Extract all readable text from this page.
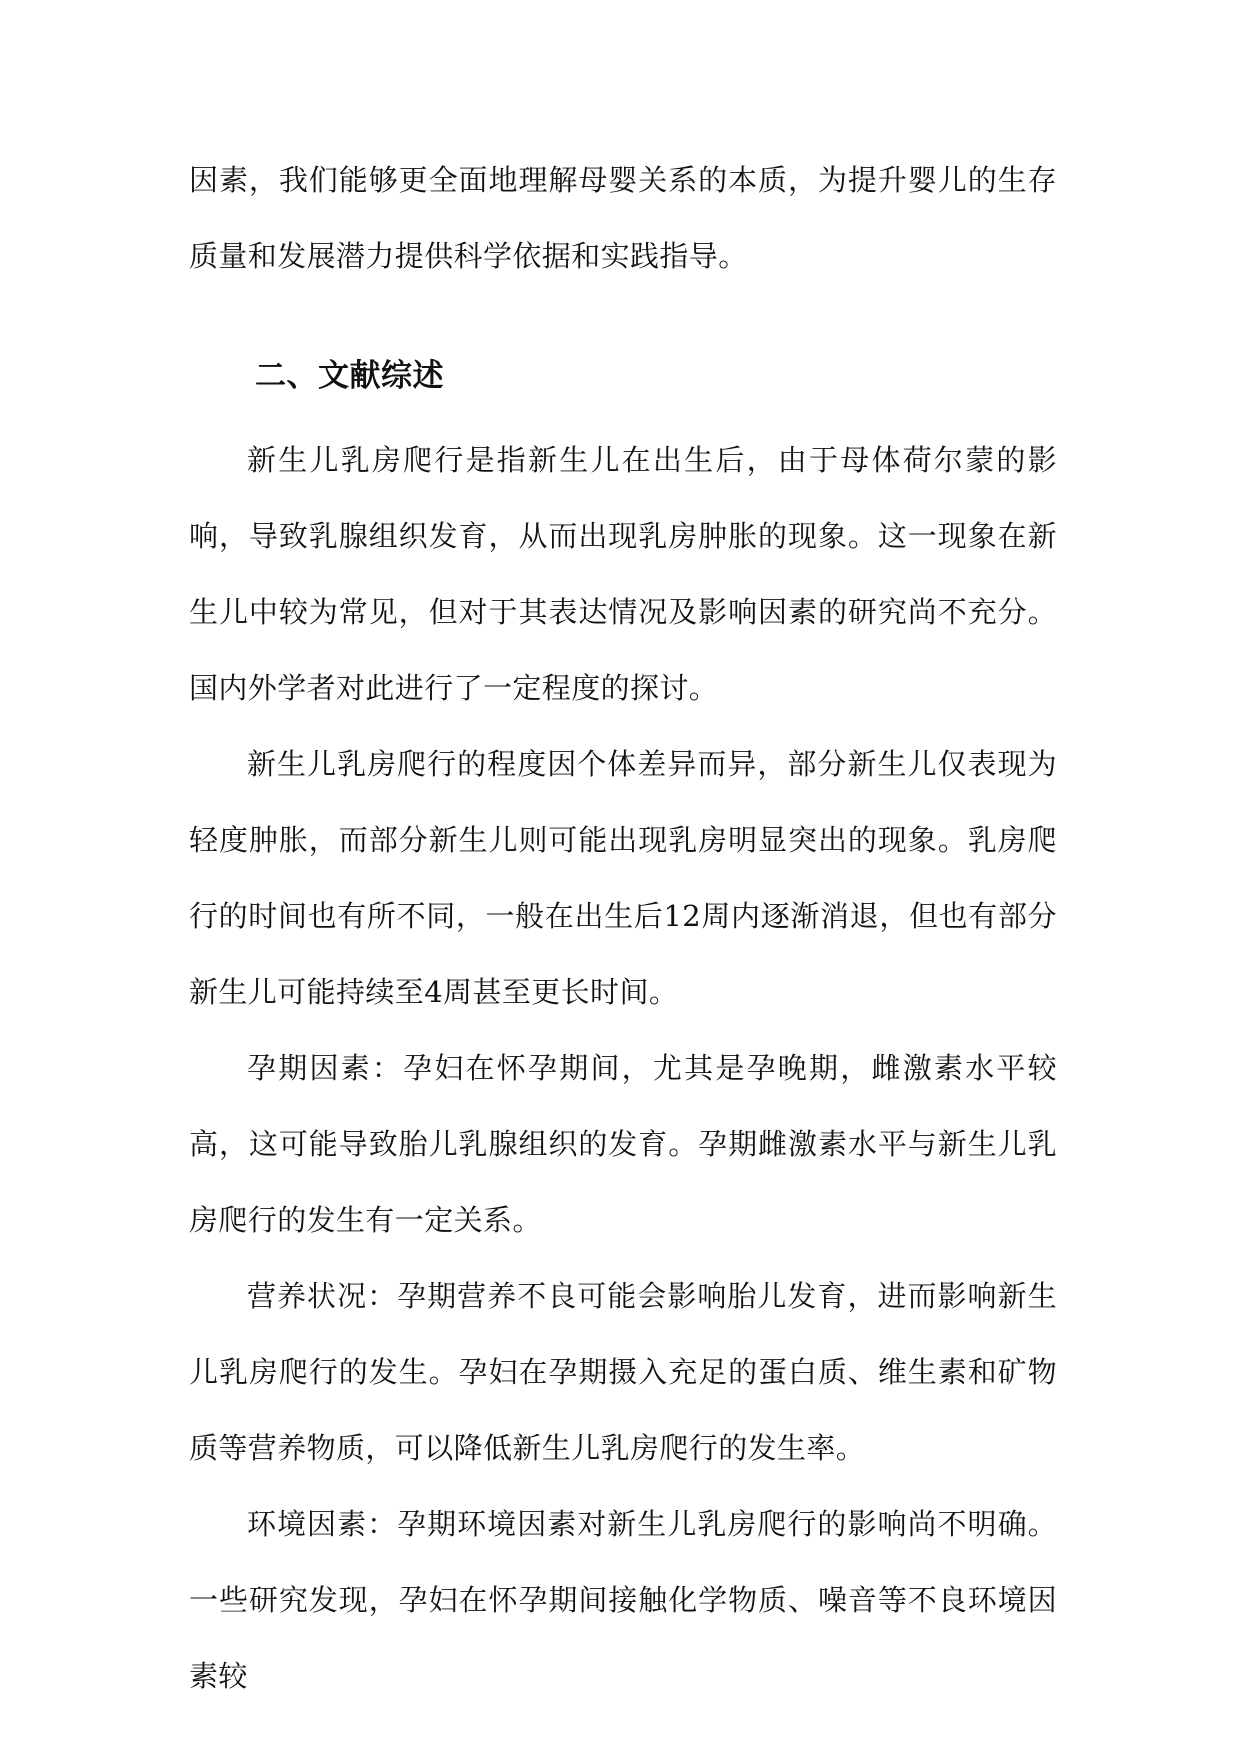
因素，我们能够更全面地理解母婴关系的本质，为提升婴儿的生存质量和发展潜力提供科学依据和实践指导。

二、文献综述

新生儿乳房爬行是指新生儿在出生后，由于母体荷尔蒙的影响，导致乳腺组织发育，从而出现乳房肿胀的现象。这一现象在新生儿中较为常见，但对于其表达情况及影响因素的研究尚不充分。国内外学者对此进行了一定程度的探讨。

新生儿乳房爬行的程度因个体差异而异，部分新生儿仅表现为轻度肿胀，而部分新生儿则可能出现乳房明显突出的现象。乳房爬行的时间也有所不同，一般在出生后12周内逐渐消退，但也有部分新生儿可能持续至4周甚至更长时间。

孕期因素：孕妇在怀孕期间，尤其是孕晚期，雌激素水平较高，这可能导致胎儿乳腺组织的发育。孕期雌激素水平与新生儿乳房爬行的发生有一定关系。

营养状况：孕期营养不良可能会影响胎儿发育，进而影响新生儿乳房爬行的发生。孕妇在孕期摄入充足的蛋白质、维生素和矿物质等营养物质，可以降低新生儿乳房爬行的发生率。

环境因素：孕期环境因素对新生儿乳房爬行的影响尚不明确。一些研究发现，孕妇在怀孕期间接触化学物质、噪音等不良环境因素较
